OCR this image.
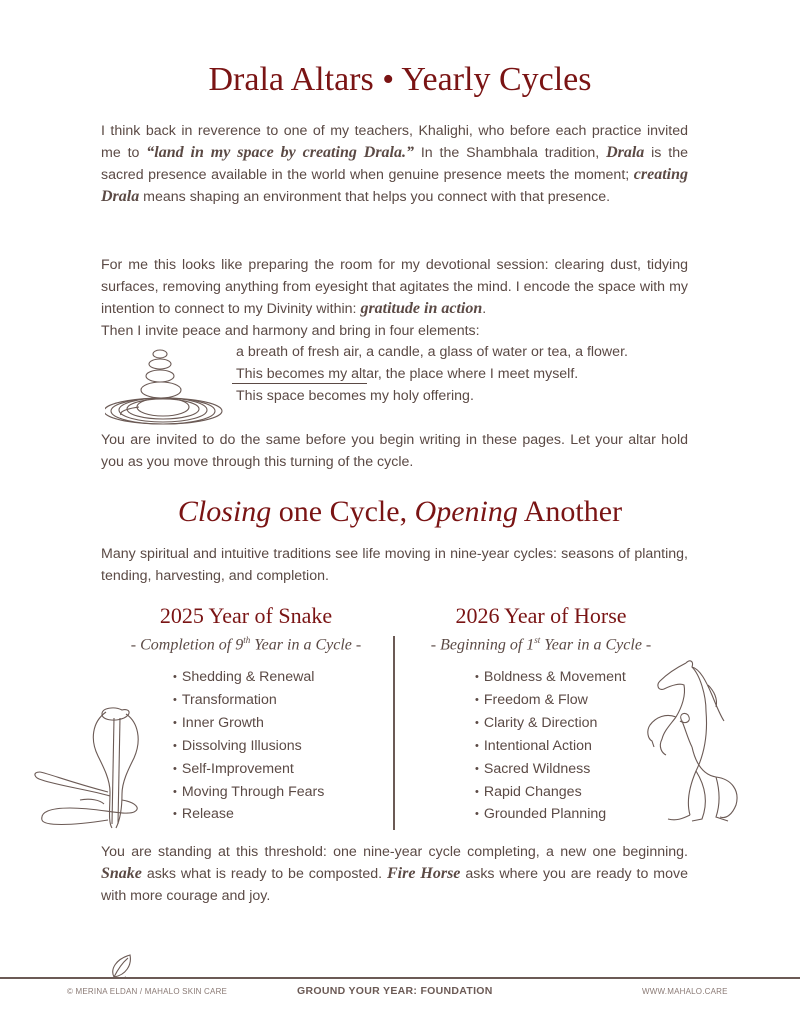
Drala Altars • Yearly Cycles

I think back in reverence to one of my teachers, Khalighi, who before each practice invited me to “land in my space by creating Drala.” In the Shambhala tradition, Drala is the sacred presence available in the world when genuine presence meets the moment; creating Drala means shaping an environment that helps you connect with that presence.

For me this looks like preparing the room for my devotional session: clearing dust, tidying surfaces, removing anything from eyesight that agitates the mind. I encode the space with my intention to connect to my Divinity within: gratitude in action.
Then I invite peace and harmony and bring in four elements:
a breath of fresh air, a candle, a glass of water or tea, a flower.
This becomes my altar, the place where I meet myself.
This space becomes my holy offering.

You are invited to do the same before you begin writing in these pages. Let your altar hold you as you move through this turning of the cycle.

Closing one Cycle, Opening Another

Many spiritual and intuitive traditions see life moving in nine-year cycles: seasons of planting, tending, harvesting, and completion.

2025 Year of Snake
- Completion of 9th Year in a Cycle -
• Shedding & Renewal
• Transformation
• Inner Growth
• Dissolving Illusions
• Self-Improvement
• Moving Through Fears
• Release
2026 Year of Horse
- Beginning of 1st Year in a Cycle -
• Boldness & Movement
• Freedom & Flow
• Clarity & Direction
• Intentional Action
• Sacred Wildness
• Rapid Changes
• Grounded Planning

You are standing at this threshold: one nine-year cycle completing, a new one beginning. Snake asks what is ready to be composted. Fire Horse asks where you are ready to move with more courage and joy.

© MERINA ELDAN / MAHALO SKIN CARE	GROUND YOUR YEAR: FOUNDATION	WWW.MAHALO.CARE
